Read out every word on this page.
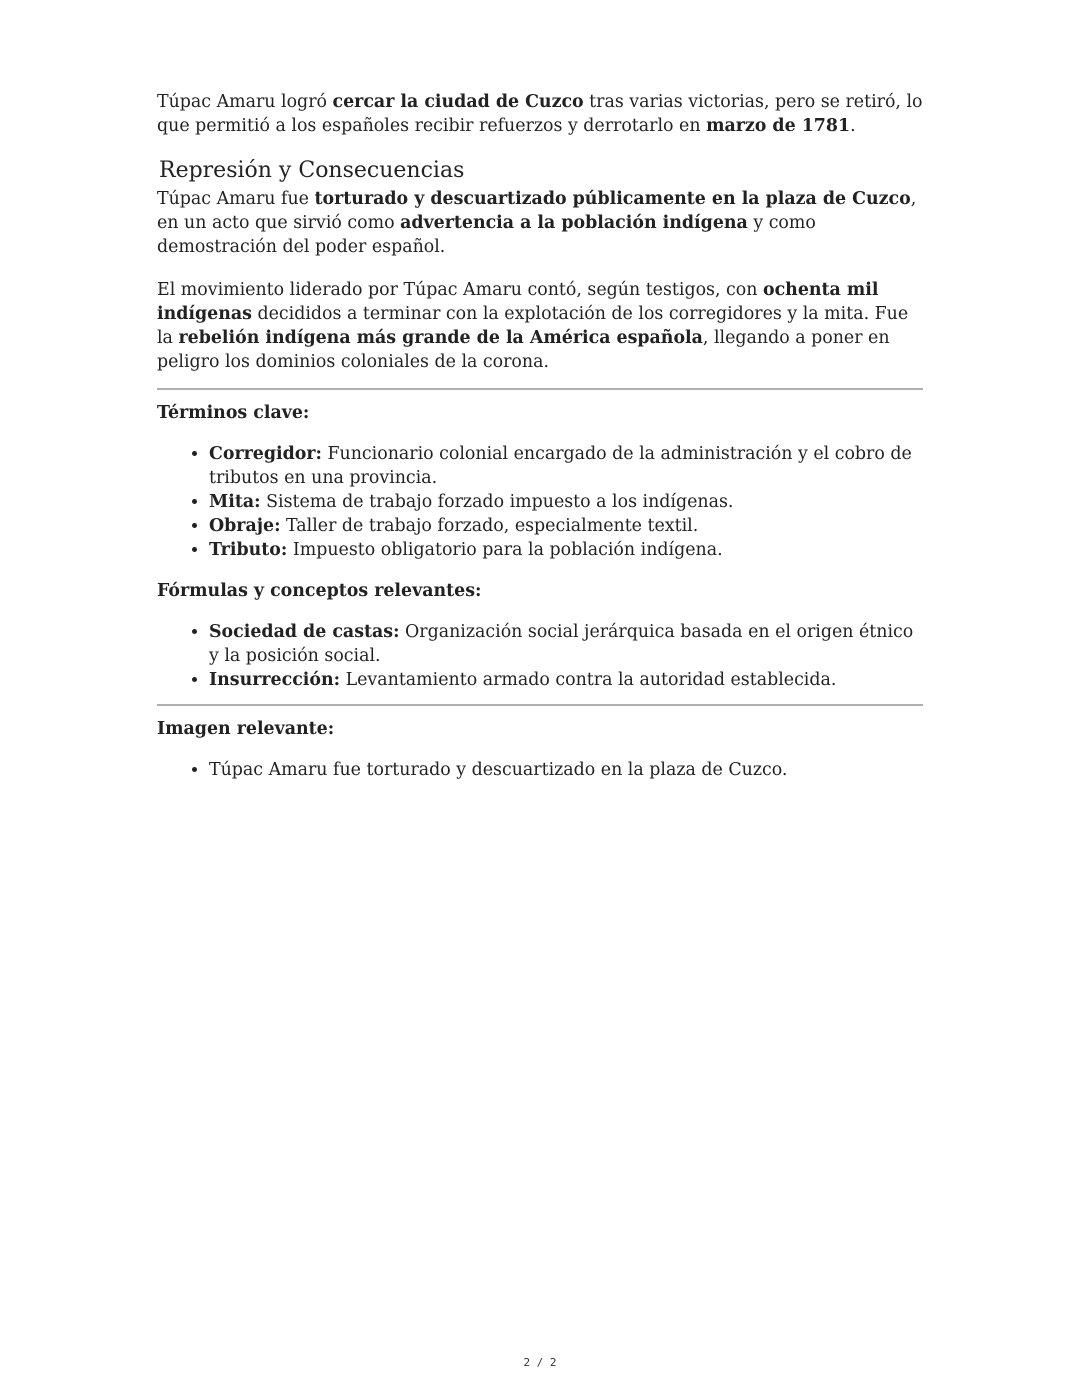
Túpac Amaru logró cercar la ciudad de Cuzco tras varias victorias, pero se retiró, lo que permitió a los españoles recibir refuerzos y derrotarlo en marzo de 1781.

Represión y Consecuencias

Túpac Amaru fue torturado y descuartizado públicamente en la plaza de Cuzco, en un acto que sirvió como advertencia a la población indígena y como demostración del poder español.

El movimiento liderado por Túpac Amaru contó, según testigos, con ochenta mil indígenas decididos a terminar con la explotación de los corregidores y la mita. Fue la rebelión indígena más grande de la América española, llegando a poner en peligro los dominios coloniales de la corona.

Términos clave:
• Corregidor: Funcionario colonial encargado de la administración y el cobro de tributos en una provincia.
• Mita: Sistema de trabajo forzado impuesto a los indígenas.
• Obraje: Taller de trabajo forzado, especialmente textil.
• Tributo: Impuesto obligatorio para la población indígena.
Fórmulas y conceptos relevantes:
• Sociedad de castas: Organización social jerárquica basada en el origen étnico y la posición social.
• Insurrección: Levantamiento armado contra la autoridad establecida.
Imagen relevante:
• Túpac Amaru fue torturado y descuartizado en la plaza de Cuzco.
2 / 2
